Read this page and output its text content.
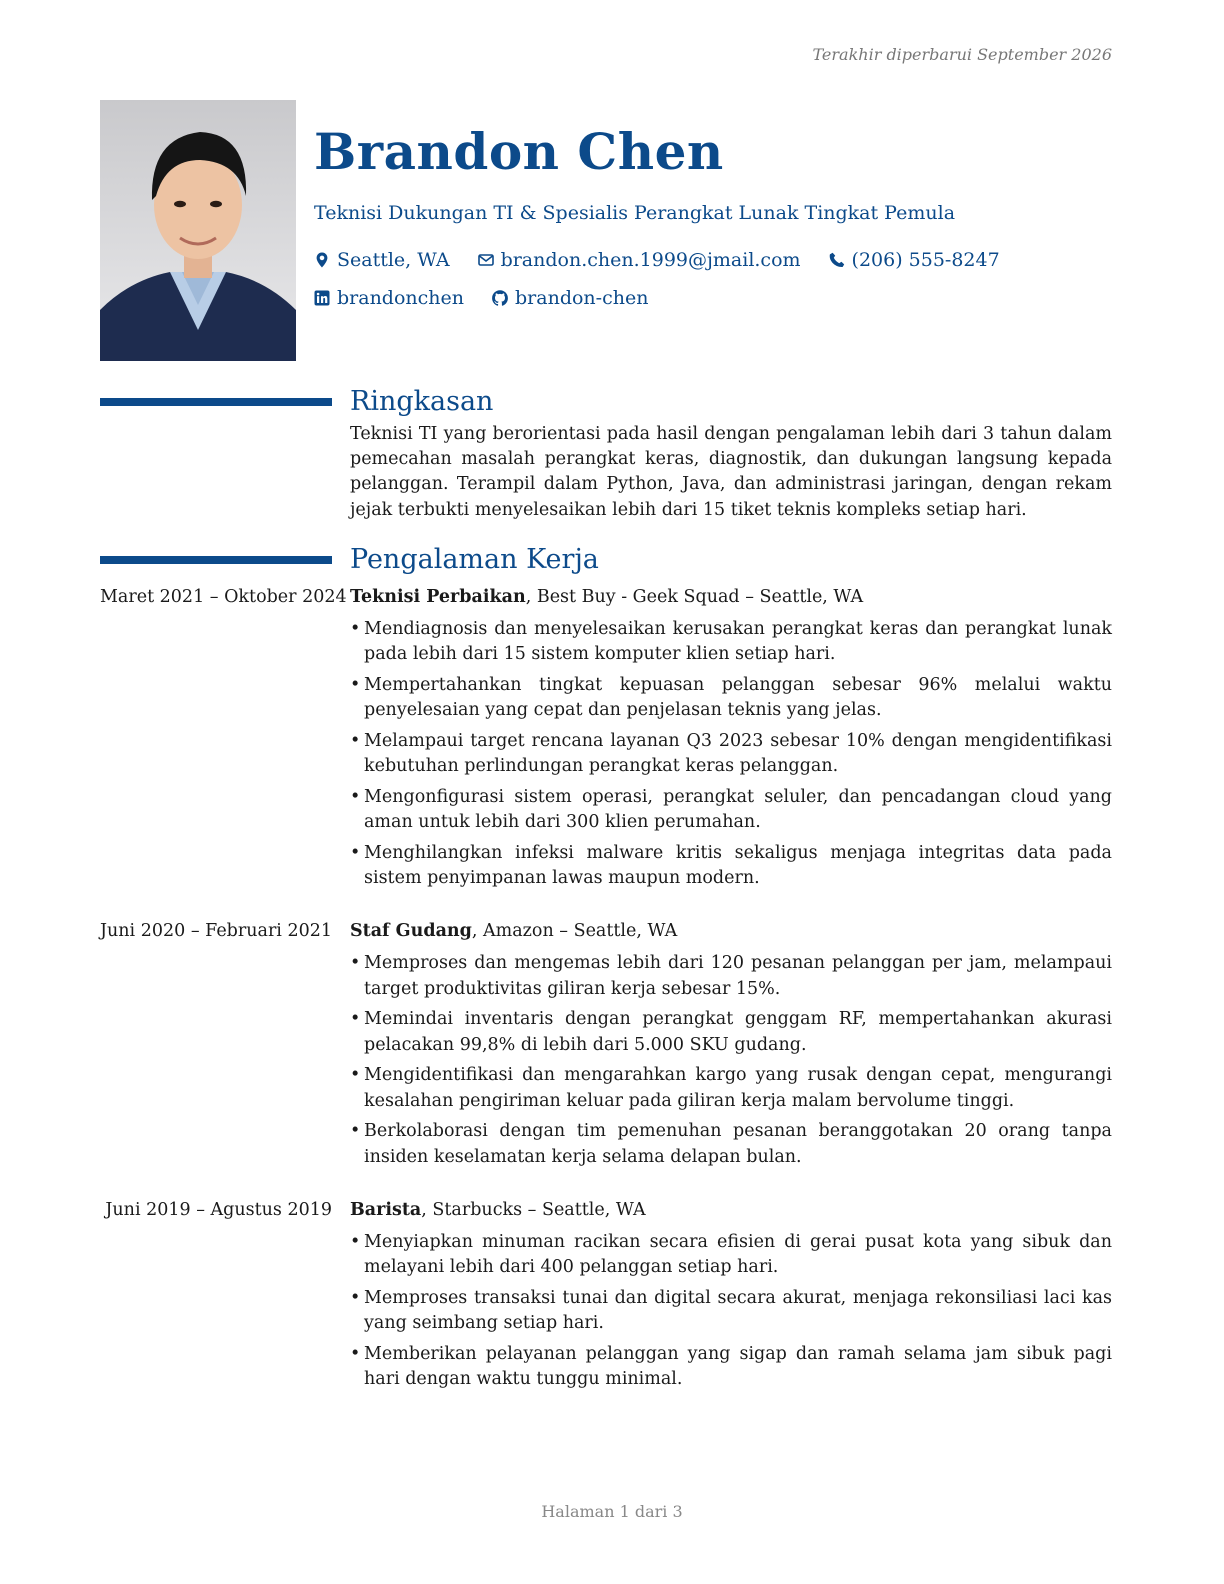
Terakhir diperbarui September 2026
Brandon Chen
Teknisi Dukungan TI & Spesialis Perangkat Lunak Tingkat Pemula
Seattle, WA	brandon.chen.1999@jmail.com	(206) 555-8247
brandonchen	brandon-chen
Ringkasan
Teknisi TI yang berorientasi pada hasil dengan pengalaman lebih dari 3 tahun dalam pemecahan masalah perangkat keras, diagnostik, dan dukungan langsung kepada pelanggan. Terampil dalam Python, Java, dan administrasi jaringan, dengan rekam jejak terbukti menyelesaikan lebih dari 15 tiket teknis kompleks setiap hari.
Pengalaman Kerja
Maret 2021 – Oktober 2024 Teknisi Perbaikan, Best Buy - Geek Squad – Seattle, WA
• Mendiagnosis dan menyelesaikan kerusakan perangkat keras dan perangkat lunak pada lebih dari 15 sistem komputer klien setiap hari.
• Mempertahankan tingkat kepuasan pelanggan sebesar 96% melalui waktu penyelesaian yang cepat dan penjelasan teknis yang jelas.
• Melampaui target rencana layanan Q3 2023 sebesar 10% dengan mengidentifikasi kebutuhan perlindungan perangkat keras pelanggan.
• Mengonfigurasi sistem operasi, perangkat seluler, dan pencadangan cloud yang aman untuk lebih dari 300 klien perumahan.
• Menghilangkan infeksi malware kritis sekaligus menjaga integritas data pada sistem penyimpanan lawas maupun modern.
Juni 2020 – Februari 2021 Staf Gudang, Amazon – Seattle, WA
• Memproses dan mengemas lebih dari 120 pesanan pelanggan per jam, melampaui target produktivitas giliran kerja sebesar 15%.
• Memindai inventaris dengan perangkat genggam RF, mempertahankan akurasi pelacakan 99,8% di lebih dari 5.000 SKU gudang.
• Mengidentifikasi dan mengarahkan kargo yang rusak dengan cepat, mengurangi kesalahan pengiriman keluar pada giliran kerja malam bervolume tinggi.
• Berkolaborasi dengan tim pemenuhan pesanan beranggotakan 20 orang tanpa insiden keselamatan kerja selama delapan bulan.
Juni 2019 – Agustus 2019 Barista, Starbucks – Seattle, WA
• Menyiapkan minuman racikan secara efisien di gerai pusat kota yang sibuk dan melayani lebih dari 400 pelanggan setiap hari.
• Memproses transaksi tunai dan digital secara akurat, menjaga rekonsiliasi laci kas yang seimbang setiap hari.
• Memberikan pelayanan pelanggan yang sigap dan ramah selama jam sibuk pagi hari dengan waktu tunggu minimal.
Halaman 1 dari 3
